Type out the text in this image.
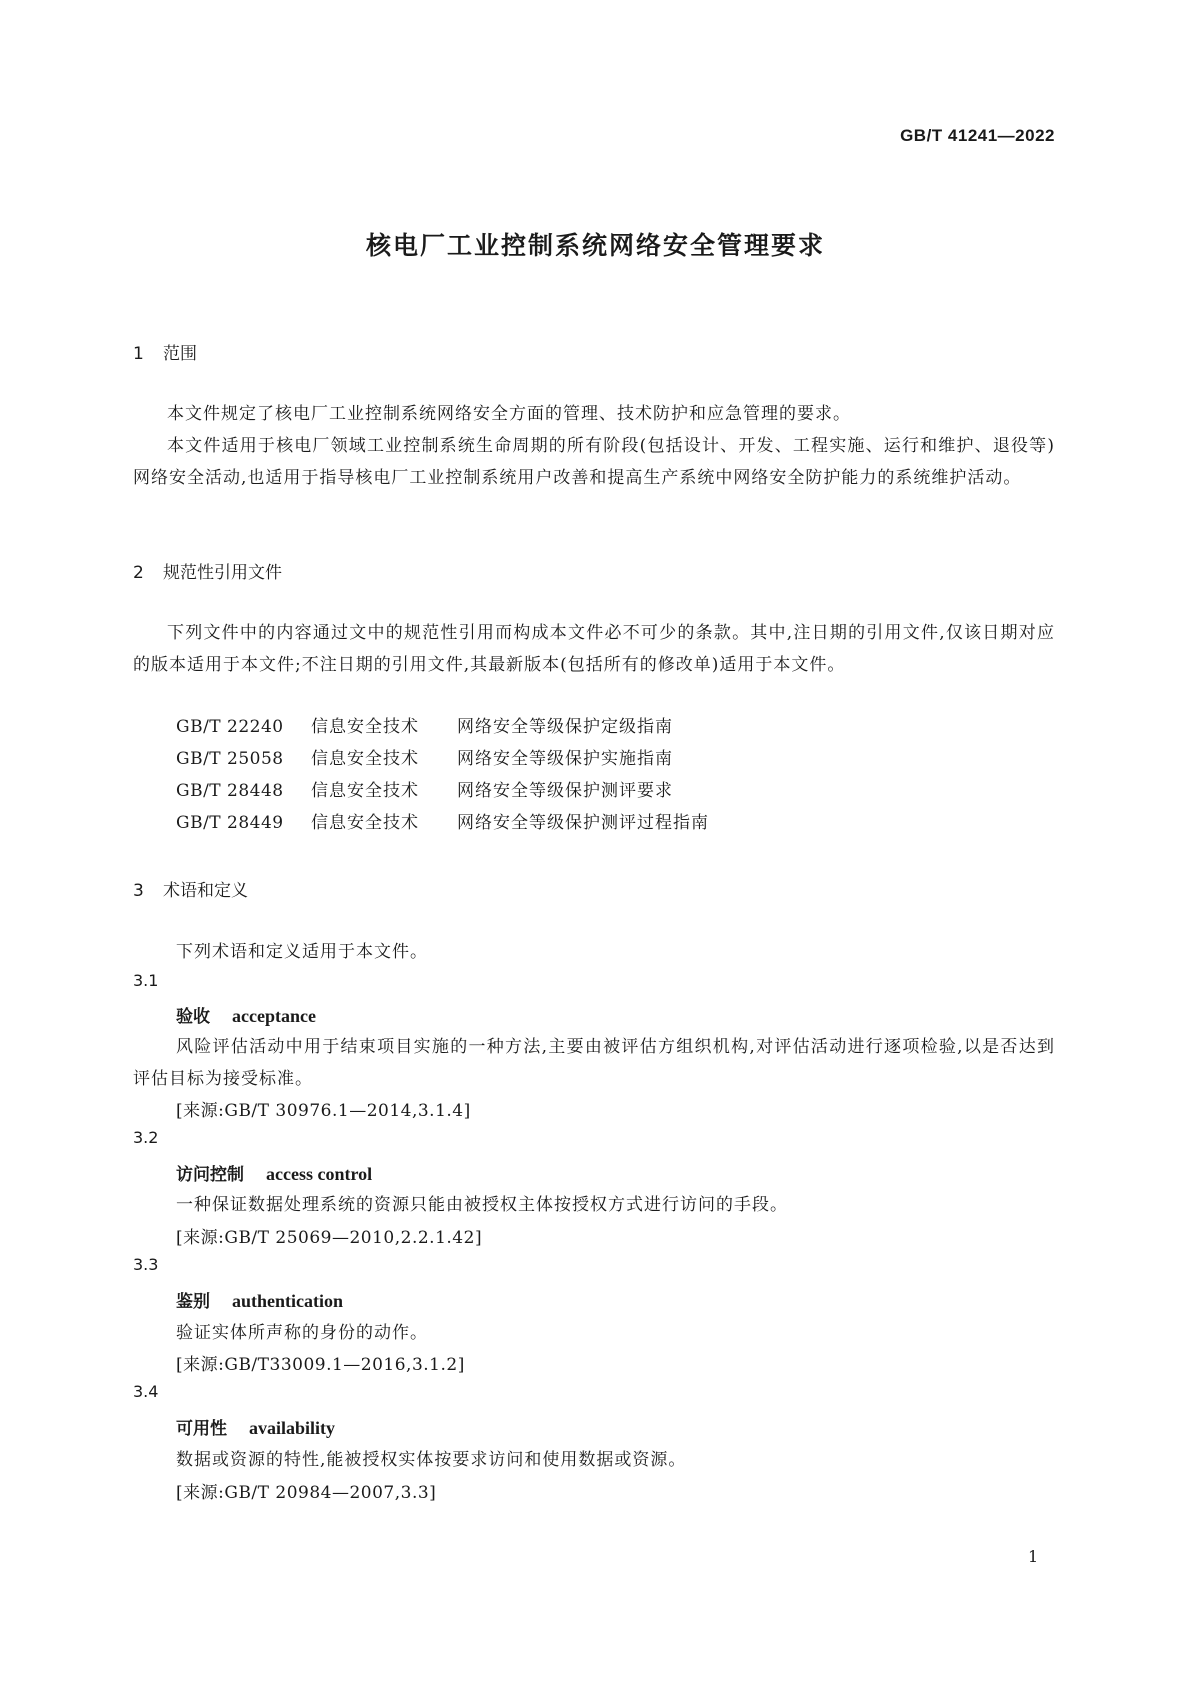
GB/T 41241—2022
核电厂工业控制系统网络安全管理要求
1 范围

本文件规定了核电厂工业控制系统网络安全方面的管理、技术防护和应急管理的要求。

本文件适用于核电厂领域工业控制系统生命周期的所有阶段(包括设计、开发、工程实施、运行和维护、退役等)网络安全活动,也适用于指导核电厂工业控制系统用户改善和提高生产系统中网络安全防护能力的系统维护活动。

2 规范性引用文件

下列文件中的内容通过文中的规范性引用而构成本文件必不可少的条款。其中,注日期的引用文件,仅该日期对应的版本适用于本文件;不注日期的引用文件,其最新版本(包括所有的修改单)适用于本文件。

GB/T 22240 信息安全技术 网络安全等级保护定级指南
GB/T 25058 信息安全技术 网络安全等级保护实施指南
GB/T 28448 信息安全技术 网络安全等级保护测评要求
GB/T 28449 信息安全技术 网络安全等级保护测评过程指南
3 术语和定义
下列术语和定义适用于本文件。
3.1
验收 acceptance

风险评估活动中用于结束项目实施的一种方法,主要由被评估方组织机构,对评估活动进行逐项检验,以是否达到评估目标为接受标准。

[来源:GB/T 30976.1—2014,3.1.4]
3.2
访问控制 access control
一种保证数据处理系统的资源只能由被授权主体按授权方式进行访问的手段。
[来源:GB/T 25069—2010,2.2.1.42]
3.3
鉴别 authentication
验证实体所声称的身份的动作。
[来源:GB/T33009.1—2016,3.1.2]
3.4
可用性 availability
数据或资源的特性,能被授权实体按要求访问和使用数据或资源。
[来源:GB/T 20984—2007,3.3]
1
